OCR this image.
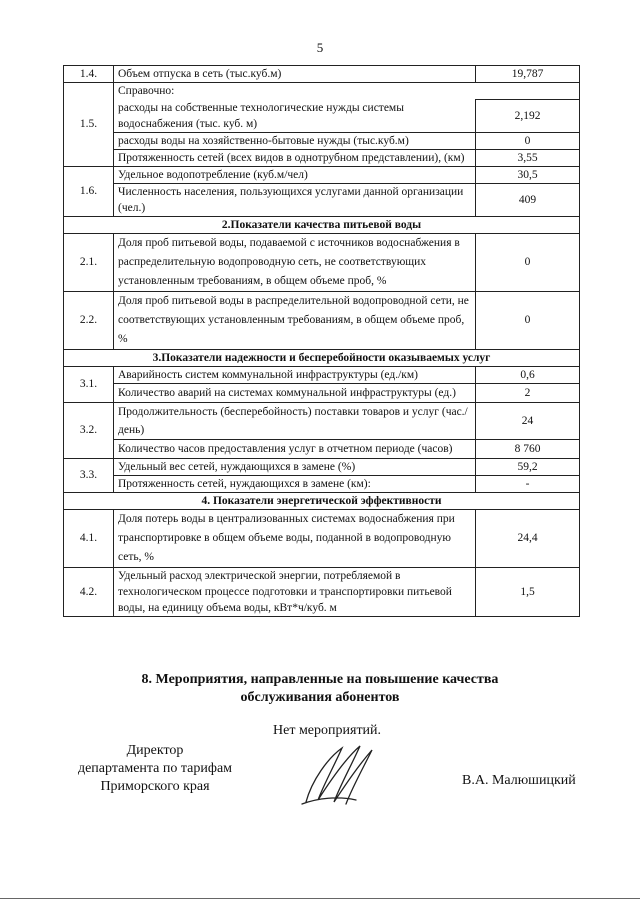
5
1.4.	Объем отпуска в сеть (тыс.куб.м)	19,787
1.5.	Справочно:	
	расходы на собственные технологические нужды системы водоснабжения (тыс. куб. м)	2,192
	расходы воды на хозяйственно-бытовые нужды (тыс.куб.м)	0
	Протяженность сетей (всех видов в однотрубном представлении), (км)	3,55
1.6.	Удельное водопотребление (куб.м/чел)	30,5
	Численность населения, пользующихся услугами данной организации (чел.)	409
2.Показатели качества питьевой воды		
2.1.	Доля проб питьевой воды, подаваемой с источников водоснабжения в распределительную водопроводную сеть, не соответствующих установленным требованиям, в общем объеме проб, %	0
2.2.	Доля проб питьевой воды в распределительной водопроводной сети, не соответствующих установленным требованиям, в общем объеме проб, %	0
3.Показатели надежности и бесперебойности оказываемых услуг		
3.1.	Аварийность систем коммунальной инфраструктуры (ед./км)	0,6
	Количество аварий на системах коммунальной инфраструктуры (ед.)	2
3.2.	Продолжительность (бесперебойность) поставки товаров и услуг (час./день)	24
	Количество часов предоставления услуг в отчетном периоде (часов)	8 760
3.3.	Удельный вес сетей, нуждающихся в замене (%)	59,2
	Протяженность сетей, нуждающихся в замене (км):	-
4. Показатели энергетической эффективности		
4.1.	Доля потерь воды в централизованных системах водоснабжения при транспортировке в общем объеме воды, поданной в водопроводную сеть, %	24,4
4.2.	Удельный расход электрической энергии, потребляемой в технологическом процессе подготовки и транспортировки питьевой воды, на единицу объема воды, кВт*ч/куб. м	1,5
8. Мероприятия, направленные на повышение качества
обслуживания абонентов
Нет мероприятий.
Директор
департамента по тарифам
Приморского края	В.А. Малюшицкий
